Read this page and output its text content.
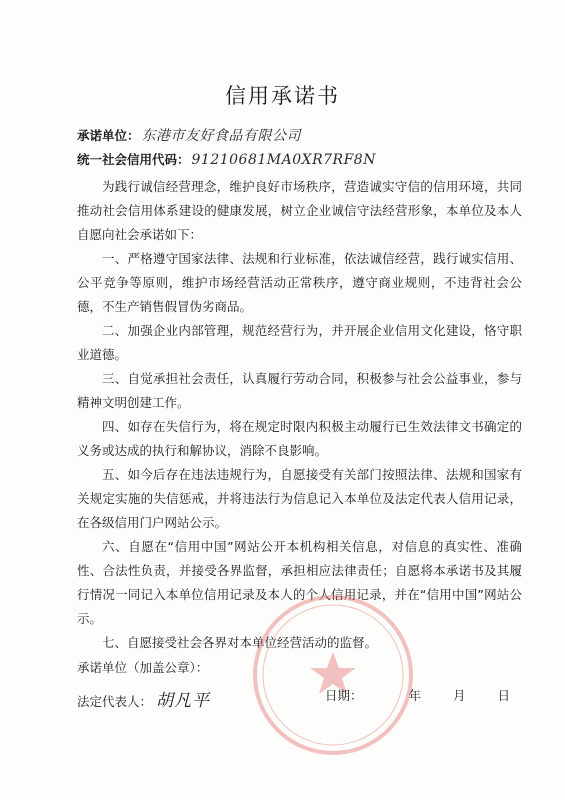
信用承诺书
承诺单位： 东港市友好食品有限公司
统一社会信用代码： 91210681MA0XR7RF8N

为践行诚信经营理念，维护良好市场秩序，营造诚实守信的信用环境，共同推动社会信用体系建设的健康发展，树立企业诚信守法经营形象，本单位及本人自愿向社会承诺如下：

一、严格遵守国家法律、法规和行业标准，依法诚信经营，践行诚实信用、公平竞争等原则，维护市场经营活动正常秩序，遵守商业规则，不违背社会公德，不生产销售假冒伪劣商品。

二、加强企业内部管理，规范经营行为，并开展企业信用文化建设，恪守职业道德。

三、自觉承担社会责任，认真履行劳动合同，积极参与社会公益事业，参与精神文明创建工作。

四、如存在失信行为，将在规定时限内积极主动履行已生效法律文书确定的义务或达成的执行和解协议，消除不良影响。

五、如今后存在违法违规行为，自愿接受有关部门按照法律、法规和国家有关规定实施的失信惩戒，并将违法行为信息记入本单位及法定代表人信用记录，在各级信用门户网站公示。

六、自愿在“信用中国”网站公开本机构相关信息，对信息的真实性、准确性、合法性负责，并接受各界监督，承担相应法律责任；自愿将本承诺书及其履行情况一同记入本单位信用记录及本人的个人信用记录，并在“信用中国”网站公示。

七、自愿接受社会各界对本单位经营活动的监督。

承诺单位（加盖公章）：
法定代表人： 胡凡平	日期：	年	月	日
